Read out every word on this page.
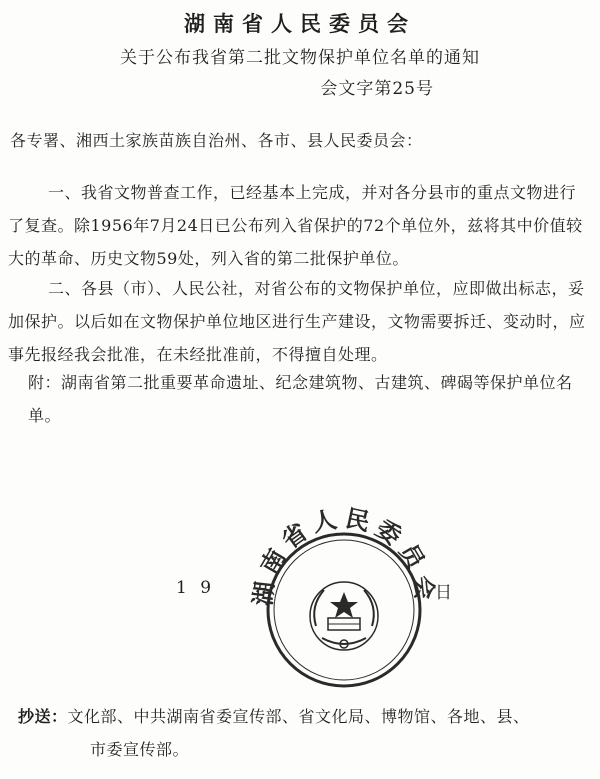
湖南省人民委员会
关于公布我省第二批文物保护单位名单的通知
会文字第25号
各专署、湘西土家族苗族自治州、各市、县人民委员会：
一、我省文物普查工作，已经基本上完成，并对各分县市的重点文物进行了复查。除1956年7月24日已公布列入省保护的72个单位外，兹将其中价值较大的革命、历史文物59处，列入省的第二批保护单位。
二、各县（市）、人民公社，对省公布的文物保护单位，应即做出标志，妥加保护。以后如在文物保护单位地区进行生产建设，文物需要拆迁、变动时，应事先报经我会批准，在未经批准前，不得擅自处理。
附：湖南省第二批重要革命遗址、纪念建筑物、古建筑、碑碣等保护单位名单。
湖南省人民委员会
1 9	日
抄送：文化部、中共湖南省委宣传部、省文化局、博物馆、各地、县、
市委宣传部。
